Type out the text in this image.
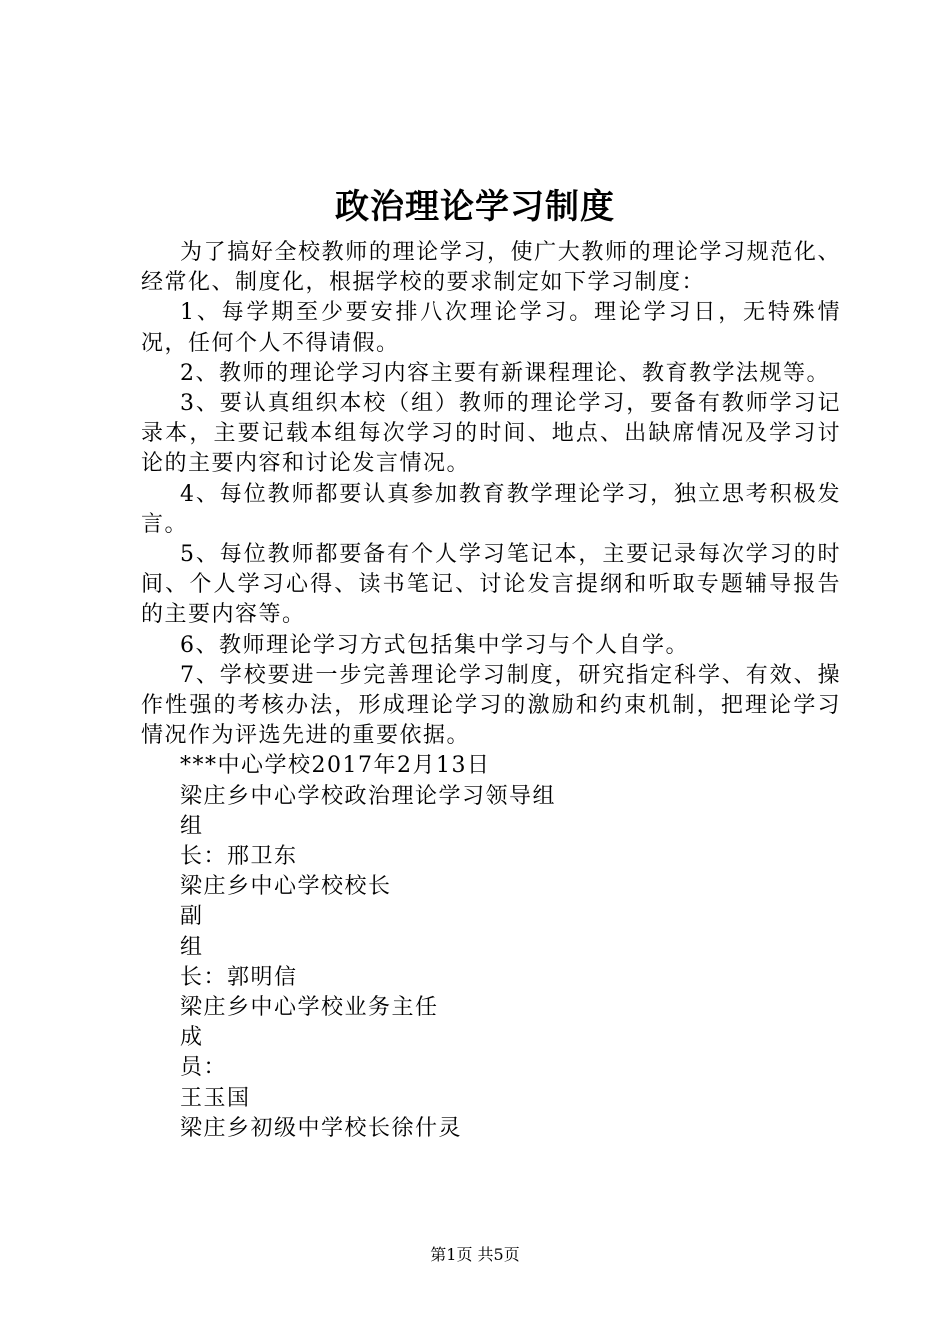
政治理论学习制度

为了搞好全校教师的理论学习，使广大教师的理论学习规范化、经常化、制度化，根据学校的要求制定如下学习制度：

1、每学期至少要安排八次理论学习。理论学习日，无特殊情况，任何个人不得请假。

2、教师的理论学习内容主要有新课程理论、教育教学法规等。

3、要认真组织本校（组）教师的理论学习，要备有教师学习记录本，主要记载本组每次学习的时间、地点、出缺席情况及学习讨论的主要内容和讨论发言情况。

4、每位教师都要认真参加教育教学理论学习，独立思考积极发言。

5、每位教师都要备有个人学习笔记本，主要记录每次学习的时间、个人学习心得、读书笔记、讨论发言提纲和听取专题辅导报告的主要内容等。

6、教师理论学习方式包括集中学习与个人自学。

7、学校要进一步完善理论学习制度，研究指定科学、有效、操作性强的考核办法，形成理论学习的激励和约束机制，把理论学习情况作为评选先进的重要依据。

***中心学校2017年2月13日

梁庄乡中心学校政治理论学习领导组

组

长：邢卫东

梁庄乡中心学校校长

副

组

长：郭明信

梁庄乡中心学校业务主任

成

员：

王玉国

梁庄乡初级中学校长徐什灵

第1页 共5页
